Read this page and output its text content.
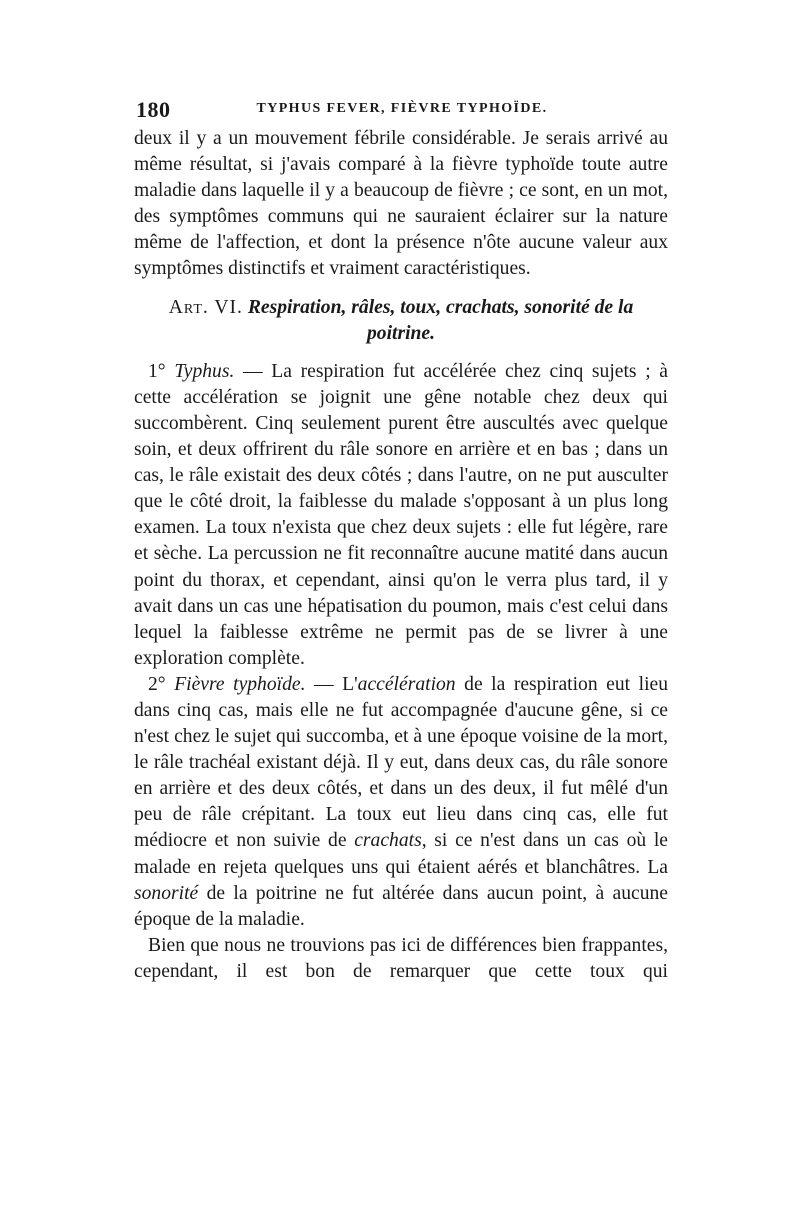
180	TYPHUS FEVER, FIÈVRE TYPHOÏDE.

deux il y a un mouvement fébrile considérable. Je serais arrivé au même résultat, si j'avais comparé à la fièvre typhoïde toute autre maladie dans laquelle il y a beaucoup de fièvre ; ce sont, en un mot, des symptômes communs qui ne sauraient éclairer sur la nature même de l'affection, et dont la présence n'ôte aucune valeur aux symptômes distinctifs et vraiment caractéristiques.

Art. VI. Respiration, râles, toux, crachats, sonorité de la poitrine.

1° Typhus. — La respiration fut accélérée chez cinq sujets ; à cette accélération se joignit une gêne notable chez deux qui succombèrent. Cinq seulement purent être auscultés avec quelque soin, et deux offrirent du râle sonore en arrière et en bas ; dans un cas, le râle existait des deux côtés ; dans l'autre, on ne put ausculter que le côté droit, la faiblesse du malade s'opposant à un plus long examen. La toux n'exista que chez deux sujets : elle fut légère, rare et sèche. La percussion ne fit reconnaître aucune matité dans aucun point du thorax, et cependant, ainsi qu'on le verra plus tard, il y avait dans un cas une hépatisation du poumon, mais c'est celui dans lequel la faiblesse extrême ne permit pas de se livrer à une exploration complète.

2° Fièvre typhoïde. — L'accélération de la respiration eut lieu dans cinq cas, mais elle ne fut accompagnée d'aucune gêne, si ce n'est chez le sujet qui succomba, et à une époque voisine de la mort, le râle trachéal existant déjà. Il y eut, dans deux cas, du râle sonore en arrière et des deux côtés, et dans un des deux, il fut mêlé d'un peu de râle crépitant. La toux eut lieu dans cinq cas, elle fut médiocre et non suivie de crachats, si ce n'est dans un cas où le malade en rejeta quelques uns qui étaient aérés et blanchâtres. La sonorité de la poitrine ne fut altérée dans aucun point, à aucune époque de la maladie.

Bien que nous ne trouvions pas ici de différences bien frappantes, cependant, il est bon de remarquer que cette toux qui
